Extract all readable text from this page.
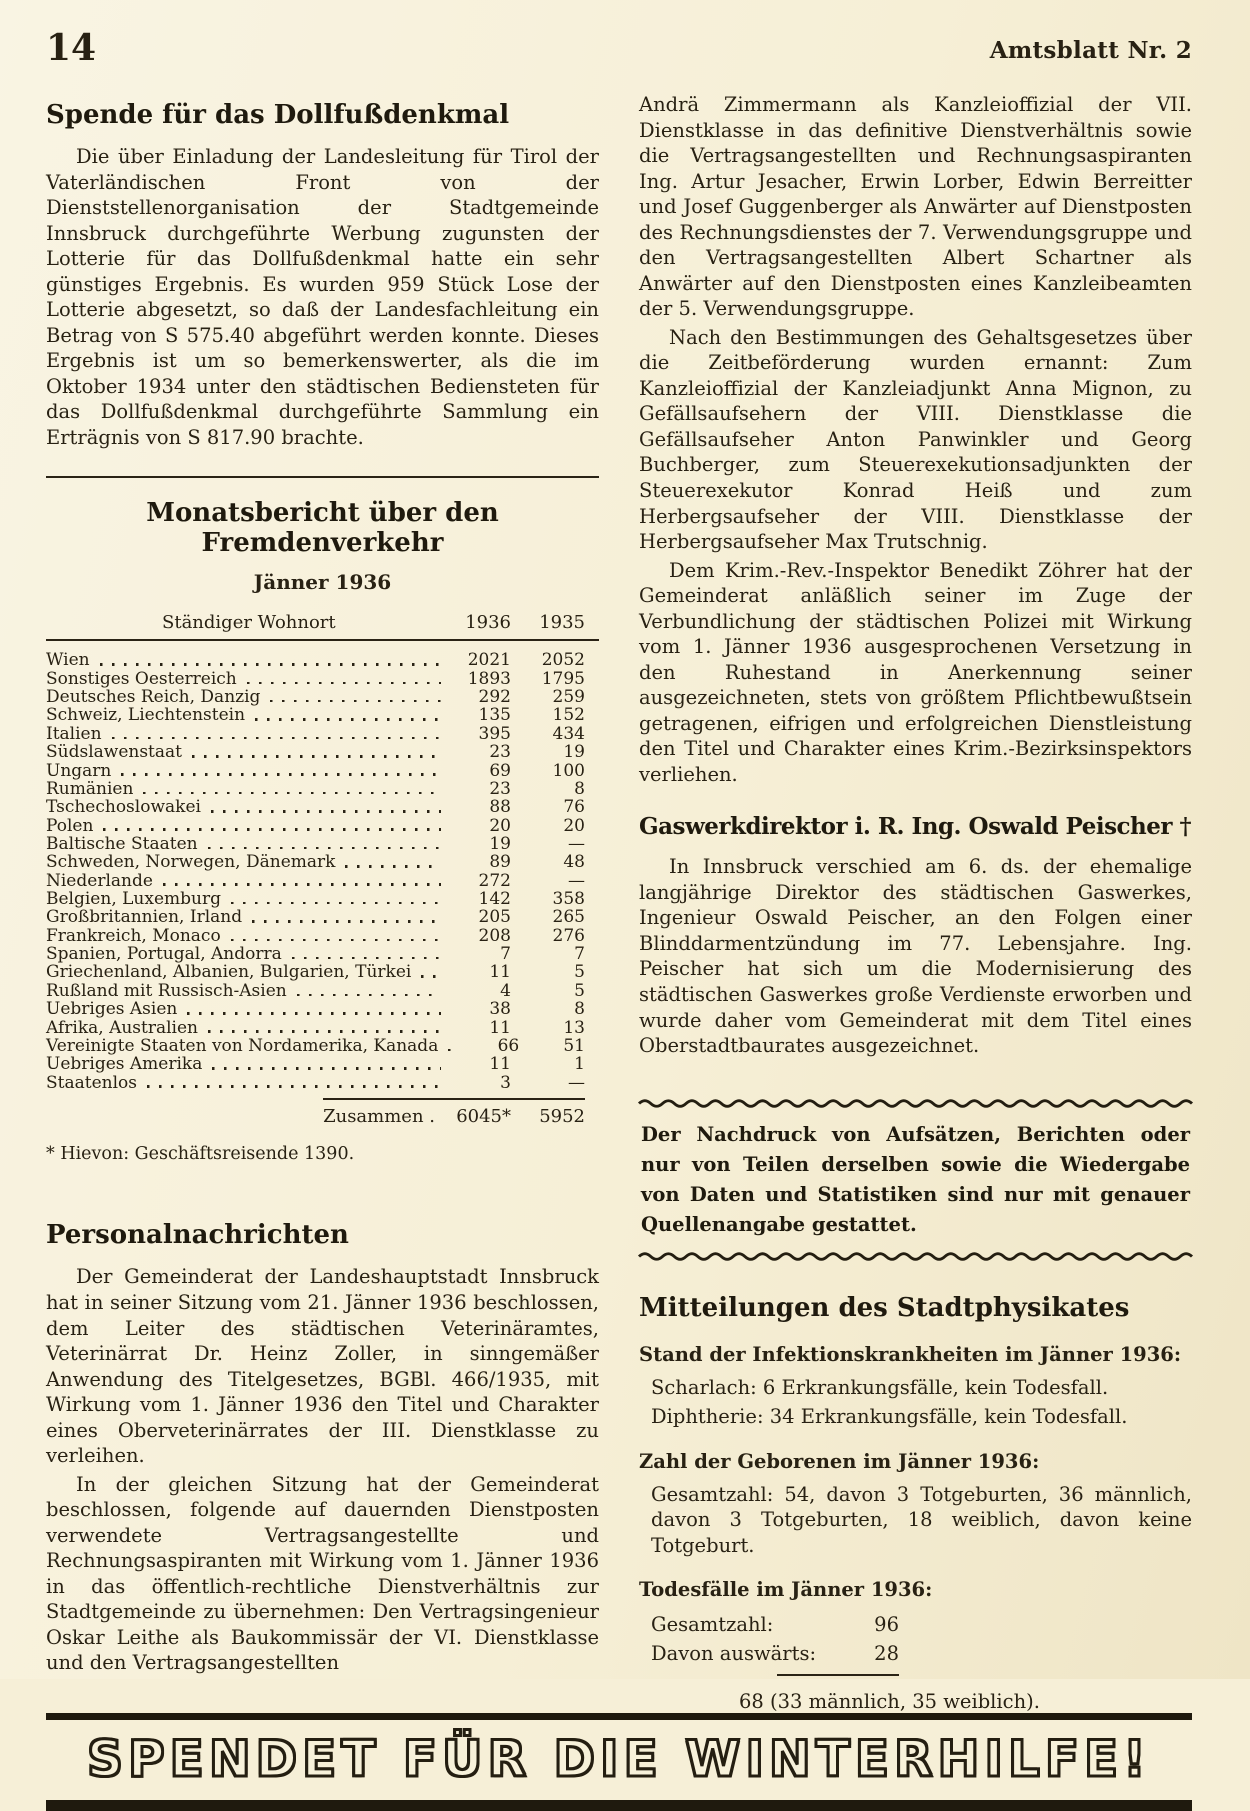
14	Amtsblatt Nr. 2
Spende für das Dollfußdenkmal

Die über Einladung der Landesleitung für Tirol der Vaterländischen Front von der Dienststellenorganisation der Stadtgemeinde Innsbruck durchgeführte Werbung zugunsten der Lotterie für das Dollfußdenkmal hatte ein sehr günstiges Ergebnis. Es wurden 959 Stück Lose der Lotterie abgesetzt, so daß der Landesfachleitung ein Betrag von S 575.40 abgeführt werden konnte. Dieses Ergebnis ist um so bemerkenswerter, als die im Oktober 1934 unter den städtischen Bediensteten für das Dollfußdenkmal durchgeführte Sammlung ein Erträgnis von S 817.90 brachte.

Monatsbericht über den Fremdenverkehr
Jänner 1936
Ständiger Wohnort	1936	1935
Wien	2021	2052
Sonstiges Oesterreich	1893	1795
Deutsches Reich, Danzig	292	259
Schweiz, Liechtenstein	135	152
Italien	395	434
Südslawenstaat	23	19
Ungarn	69	100
Rumänien	23	8
Tschechoslowakei	88	76
Polen	20	20
Baltische Staaten	19	—
Schweden, Norwegen, Dänemark	89	48
Niederlande	272	—
Belgien, Luxemburg	142	358
Großbritannien, Irland	205	265
Frankreich, Monaco	208	276
Spanien, Portugal, Andorra	7	7
Griechenland, Albanien, Bulgarien, Türkei	11	5
Rußland mit Russisch-Asien	4	5
Uebriges Asien	38	8
Afrika, Australien	11	13
Vereinigte Staaten von Nordamerika, Kanada	66	51
Uebriges Amerika	11	1
Staatenlos	3	—
Zusammen .	6045*	5952
* Hievon: Geschäftsreisende 1390.
Personalnachrichten

Der Gemeinderat der Landeshauptstadt Innsbruck hat in seiner Sitzung vom 21. Jänner 1936 beschlossen, dem Leiter des städtischen Veterinäramtes, Veterinärrat Dr. Heinz Zoller, in sinngemäßer Anwendung des Titelgesetzes, BGBl. 466/1935, mit Wirkung vom 1. Jänner 1936 den Titel und Charakter eines Oberveterinärrates der III. Dienstklasse zu verleihen.

In der gleichen Sitzung hat der Gemeinderat beschlossen, folgende auf dauernden Dienstposten verwendete Vertragsangestellte und Rechnungsaspiranten mit Wirkung vom 1. Jänner 1936 in das öffentlich-rechtliche Dienstverhältnis zur Stadtgemeinde zu übernehmen: Den Vertragsingenieur Oskar Leithe als Baukommissär der VI. Dienstklasse und den Vertragsangestellten

Andrä Zimmermann als Kanzleioffizial der VII. Dienstklasse in das definitive Dienstverhältnis sowie die Vertragsangestellten und Rechnungsaspiranten Ing. Artur Jesacher, Erwin Lorber, Edwin Berreitter und Josef Guggenberger als Anwärter auf Dienstposten des Rechnungsdienstes der 7. Verwendungsgruppe und den Vertragsangestellten Albert Schartner als Anwärter auf den Dienstposten eines Kanzleibeamten der 5. Verwendungsgruppe.

Nach den Bestimmungen des Gehaltsgesetzes über die Zeitbeförderung wurden ernannt: Zum Kanzleioffizial der Kanzleiadjunkt Anna Mignon, zu Gefällsaufsehern der VIII. Dienstklasse die Gefällsaufseher Anton Panwinkler und Georg Buchberger, zum Steuerexekutionsadjunkten der Steuerexekutor Konrad Heiß und zum Herbergsaufseher der VIII. Dienstklasse der Herbergsaufseher Max Trutschnig.

Dem Krim.-Rev.-Inspektor Benedikt Zöhrer hat der Gemeinderat anläßlich seiner im Zuge der Verbundlichung der städtischen Polizei mit Wirkung vom 1. Jänner 1936 ausgesprochenen Versetzung in den Ruhestand in Anerkennung seiner ausgezeichneten, stets von größtem Pflichtbewußtsein getragenen, eifrigen und erfolgreichen Dienstleistung den Titel und Charakter eines Krim.-Bezirksinspektors verliehen.

Gaswerkdirektor i. R. Ing. Oswald Peischer †

In Innsbruck verschied am 6. ds. der ehemalige langjährige Direktor des städtischen Gaswerkes, Ingenieur Oswald Peischer, an den Folgen einer Blinddarmentzündung im 77. Lebensjahre. Ing. Peischer hat sich um die Modernisierung des städtischen Gaswerkes große Verdienste erworben und wurde daher vom Gemeinderat mit dem Titel eines Oberstadtbaurates ausgezeichnet.

Der Nachdruck von Aufsätzen, Berichten oder nur von Teilen derselben sowie die Wiedergabe von Daten und Statistiken sind nur mit genauer Quellenangabe gestattet.

Mitteilungen des Stadtphysikates
Stand der Infektionskrankheiten im Jänner 1936:

Scharlach: 6 Erkrankungsfälle, kein Todesfall.

Diphtherie: 34 Erkrankungsfälle, kein Todesfall.

Zahl der Geborenen im Jänner 1936:

Gesamtzahl: 54, davon 3 Totgeburten, 36 männlich, davon 3 Totgeburten, 18 weiblich, davon keine Totgeburt.

Todesfälle im Jänner 1936:
Gesamtzahl:	96
Davon auswärts:	28
68 (33 männlich, 35 weiblich).
SPENDET FÜR DIE WINTERHILFE!
